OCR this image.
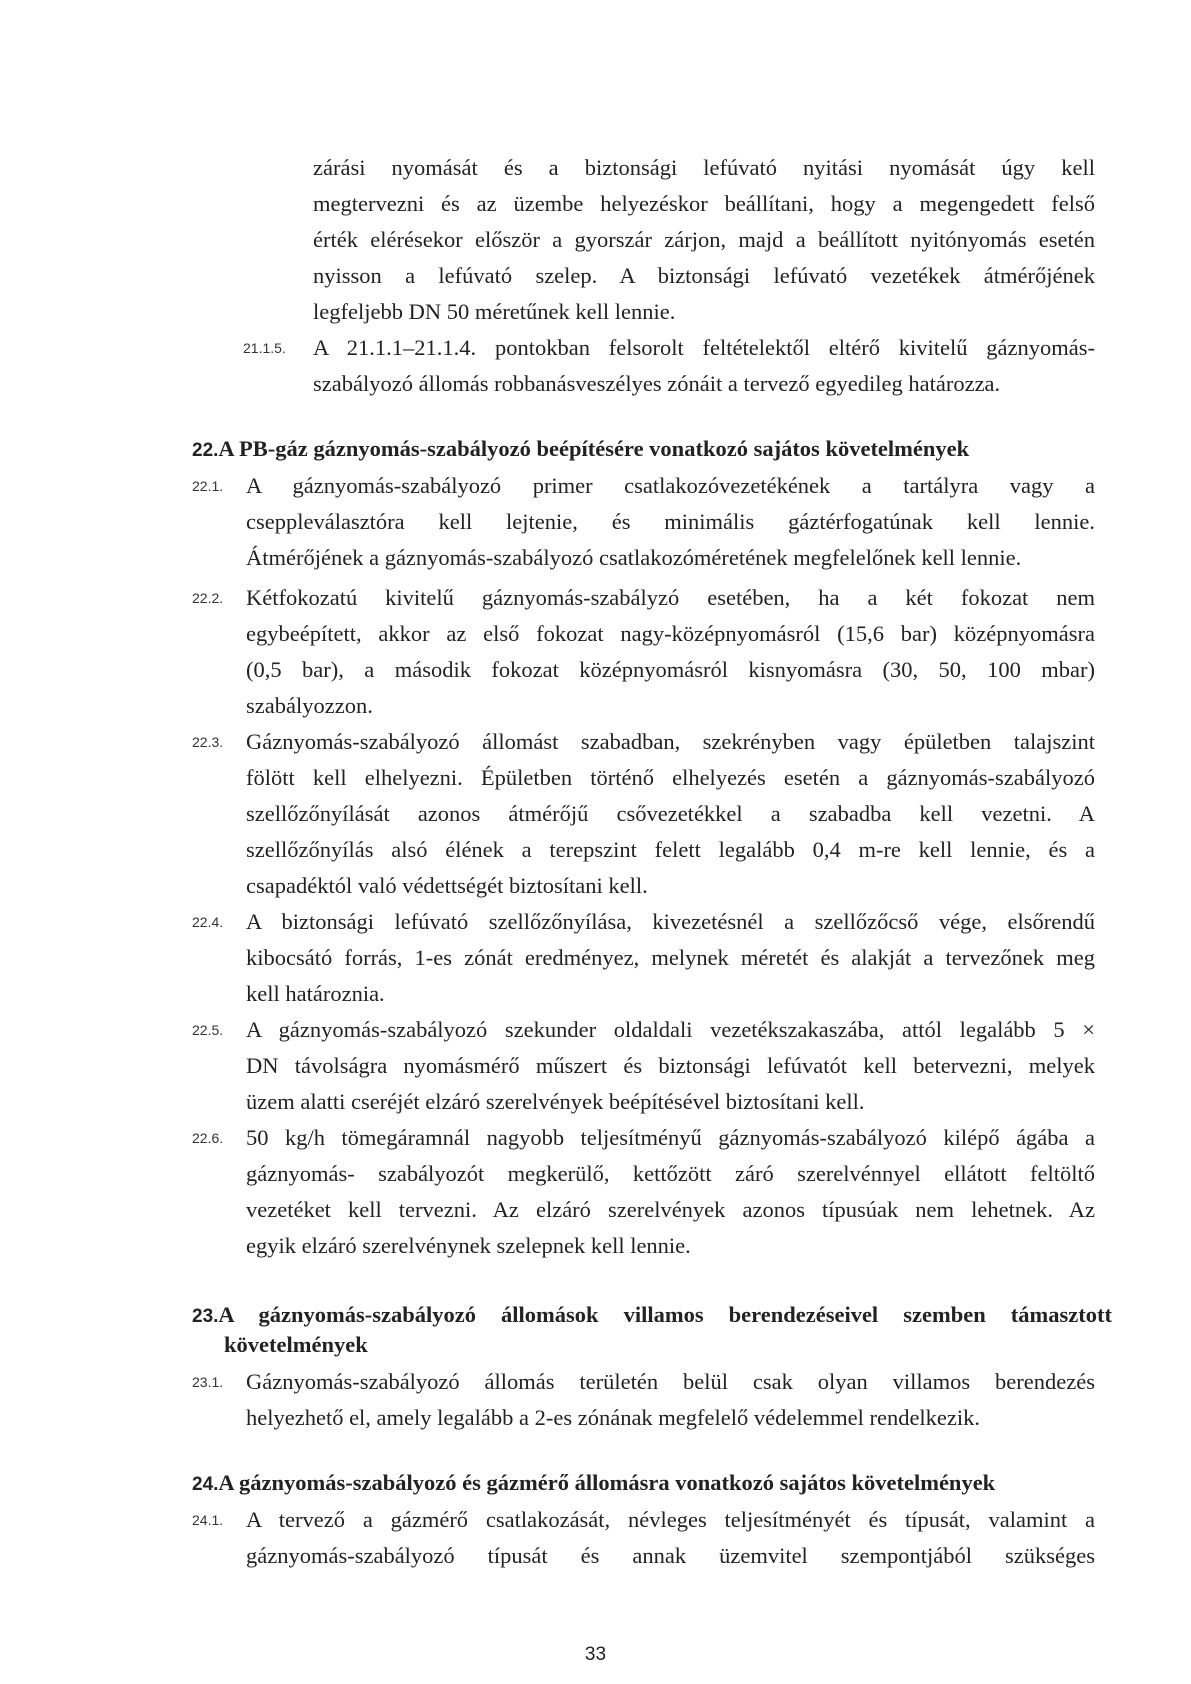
zárási nyomását és a biztonsági lefúvató nyitási nyomását úgy kell
megtervezni és az üzembe helyezéskor beállítani, hogy a megengedett felső
érték elérésekor először a gyorszár zárjon, majd a beállított nyitónyomás esetén
nyisson a lefúvató szelep. A biztonsági lefúvató vezetékek átmérőjének
legfeljebb DN 50 méretűnek kell lennie.
21.1.5. A 21.1.1–21.1.4. pontokban felsorolt feltételektől eltérő kivitelű gáznyomás-
szabályozó állomás robbanásveszélyes zónáit a tervező egyedileg határozza.
22.A PB-gáz gáznyomás-szabályozó beépítésére vonatkozó sajátos követelmények
22.1. A gáznyomás-szabályozó primer csatlakozóvezetékének a tartályra vagy a
cseppleválasztóra kell lejtenie, és minimális gáztérfogatúnak kell lennie.
Átmérőjének a gáznyomás-szabályozó csatlakozóméretének megfelelőnek kell lennie.
22.2. Kétfokozatú kivitelű gáznyomás-szabályzó esetében, ha a két fokozat nem
egybeépített, akkor az első fokozat nagy-középnyomásról (15,6 bar) középnyomásra
(0,5 bar), a második fokozat középnyomásról kisnyomásra (30, 50, 100 mbar)
szabályozzon.
22.3. Gáznyomás-szabályozó állomást szabadban, szekrényben vagy épületben talajszint
fölött kell elhelyezni. Épületben történő elhelyezés esetén a gáznyomás-szabályozó
szellőzőnyílását azonos átmérőjű csővezetékkel a szabadba kell vezetni. A
szellőzőnyílás alsó élének a terepszint felett legalább 0,4 m-re kell lennie, és a
csapadéktól való védettségét biztosítani kell.
22.4. A biztonsági lefúvató szellőzőnyílása, kivezetésnél a szellőzőcső vége, elsőrendű
kibocsátó forrás, 1-es zónát eredményez, melynek méretét és alakját a tervezőnek meg
kell határoznia.
22.5. A gáznyomás-szabályozó szekunder oldaldali vezetékszakaszába, attól legalább 5 ×
DN távolságra nyomásmérő műszert és biztonsági lefúvatót kell betervezni, melyek
üzem alatti cseréjét elzáró szerelvények beépítésével biztosítani kell.
22.6. 50 kg/h tömegáramnál nagyobb teljesítményű gáznyomás-szabályozó kilépő ágába a
gáznyomás- szabályozót megkerülő, kettőzött záró szerelvénnyel ellátott feltöltő
vezetéket kell tervezni. Az elzáró szerelvények azonos típusúak nem lehetnek. Az
egyik elzáró szerelvénynek szelepnek kell lennie.
23.A gáznyomás-szabályozó állomások villamos berendezéseivel szemben támasztott
követelmények
23.1. Gáznyomás-szabályozó állomás területén belül csak olyan villamos berendezés
helyezhető el, amely legalább a 2-es zónának megfelelő védelemmel rendelkezik.
24.A gáznyomás-szabályozó és gázmérő állomásra vonatkozó sajátos követelmények
24.1. A tervező a gázmérő csatlakozását, névleges teljesítményét és típusát, valamint a
gáznyomás-szabályozó típusát és annak üzemvitel szempontjából szükséges
33
